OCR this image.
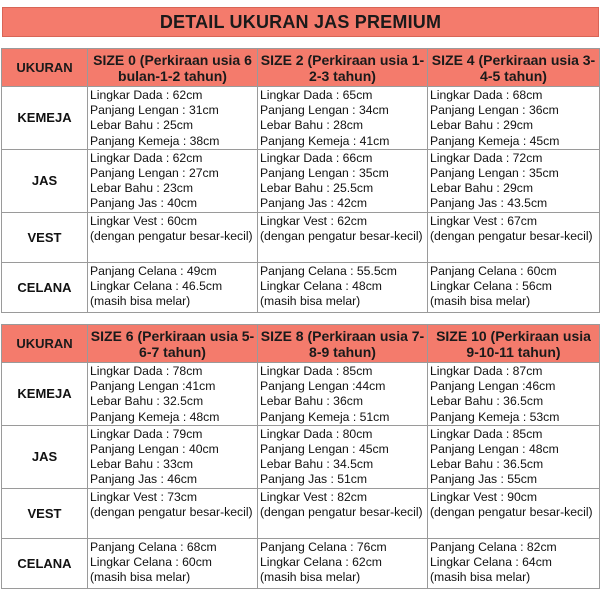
DETAIL UKURAN JAS PREMIUM
UKURAN	SIZE 0 (Perkiraan usia 6 bulan-1-2 tahun)	SIZE 2 (Perkiraan usia 1-2-3 tahun)	SIZE 4 (Perkiraan usia 3-4-5 tahun)
KEMEJA	Lingkar Dada : 62cm
Panjang Lengan : 31cm
Lebar Bahu : 25cm
Panjang Kemeja : 38cm	Lingkar Dada : 65cm
Panjang Lengan : 34cm
Lebar Bahu : 28cm
Panjang Kemeja : 41cm	Lingkar Dada : 68cm
Panjang Lengan : 36cm
Lebar Bahu : 29cm
Panjang Kemeja : 45cm

JAS	Lingkar Dada : 62cm
Panjang Lengan : 27cm
Lebar Bahu : 23cm
Panjang Jas : 40cm	Lingkar Dada : 66cm
Panjang Lengan : 35cm
Lebar Bahu : 25.5cm
Panjang Jas : 42cm	Lingkar Dada : 72cm
Panjang Lengan : 35cm
Lebar Bahu : 29cm
Panjang Jas : 43.5cm

VEST	Lingkar Vest : 60cm
(dengan pengatur besar-kecil)	Lingkar Vest : 62cm
(dengan pengatur besar-kecil)	Lingkar Vest : 67cm
(dengan pengatur besar-kecil)

CELANA	Panjang Celana : 49cm
Lingkar Celana : 46.5cm
(masih bisa melar)	Panjang Celana : 55.5cm
Lingkar Celana : 48cm
(masih bisa melar)	Panjang Celana : 60cm
Lingkar Celana : 56cm
(masih bisa melar)
UKURAN	SIZE 6 (Perkiraan usia 5-6-7 tahun)	SIZE 8 (Perkiraan usia 7-8-9 tahun)	SIZE 10 (Perkiraan usia 9-10-11 tahun)
KEMEJA	Lingkar Dada : 78cm
Panjang Lengan :41cm
Lebar Bahu : 32.5cm
Panjang Kemeja : 48cm	Lingkar Dada : 85cm
Panjang Lengan :44cm
Lebar Bahu : 36cm
Panjang Kemeja : 51cm	Lingkar Dada : 87cm
Panjang Lengan :46cm
Lebar Bahu : 36.5cm
Panjang Kemeja : 53cm

JAS	Lingkar Dada : 79cm
Panjang Lengan : 40cm
Lebar Bahu : 33cm
Panjang Jas : 46cm	Lingkar Dada : 80cm
Panjang Lengan : 45cm
Lebar Bahu : 34.5cm
Panjang Jas : 51cm	Lingkar Dada : 85cm
Panjang Lengan : 48cm
Lebar Bahu : 36.5cm
Panjang Jas : 55cm

VEST	Lingkar Vest : 73cm
(dengan pengatur besar-kecil)	Lingkar Vest : 82cm
(dengan pengatur besar-kecil)	Lingkar Vest : 90cm
(dengan pengatur besar-kecil)

CELANA	Panjang Celana : 68cm
Lingkar Celana : 60cm
(masih bisa melar)	Panjang Celana : 76cm
Lingkar Celana : 62cm
(masih bisa melar)	Panjang Celana : 82cm
Lingkar Celana : 64cm
(masih bisa melar)
